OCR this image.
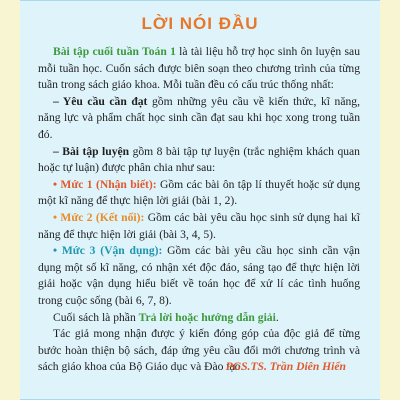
LỜI NÓI ĐẦU

Bài tập cuối tuần Toán 1 là tài liệu hỗ trợ học sinh ôn luyện sau mỗi tuần học. Cuốn sách được biên soạn theo chương trình của từng tuần trong sách giáo khoa. Mỗi tuần đều có cấu trúc thống nhất:

– Yêu cầu cần đạt gồm những yêu cầu về kiến thức, kĩ năng, năng lực và phẩm chất học sinh cần đạt sau khi học xong trong tuần đó.

– Bài tập luyện gồm 8 bài tập tự luyện (trắc nghiệm khách quan hoặc tự luận) được phân chia như sau:

• Mức 1 (Nhận biết): Gồm các bài ôn tập lí thuyết hoặc sử dụng một kĩ năng để thực hiện lời giải (bài 1, 2).

• Mức 2 (Kết nối): Gồm các bài yêu cầu học sinh sử dụng hai kĩ năng để thực hiện lời giải (bài 3, 4, 5).

• Mức 3 (Vận dụng): Gồm các bài yêu cầu học sinh cần vận dụng một số kĩ năng, có nhận xét độc đáo, sáng tạo để thực hiện lời giải hoặc vận dụng hiểu biết về toán học để xử lí các tình huống trong cuộc sống (bài 6, 7, 8).

Cuối sách là phần Trả lời hoặc hướng dẫn giải.

Tác giả mong nhận được ý kiến đóng góp của độc giả để từng bước hoàn thiện bộ sách, đáp ứng yêu cầu đổi mới chương trình và sách giáo khoa của Bộ Giáo dục và Đào tạo.

PGS.TS. Trần Diên Hiển
